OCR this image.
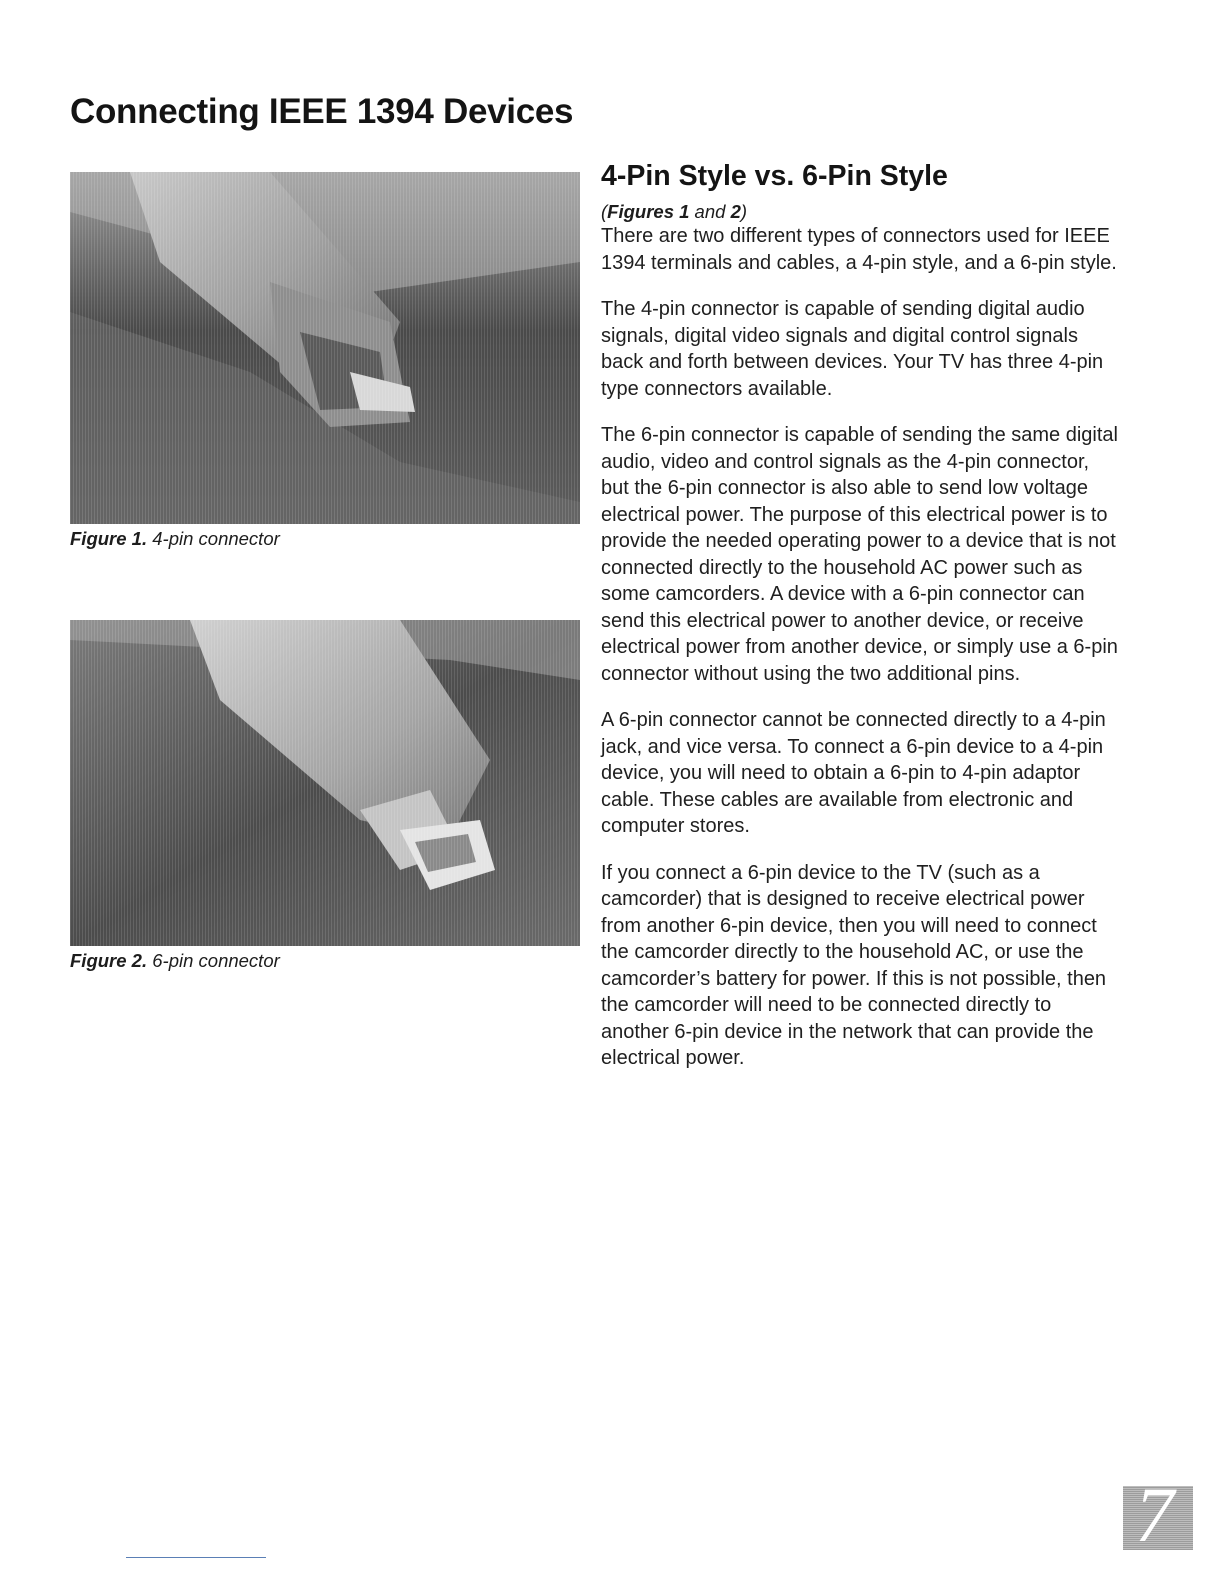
Connecting IEEE 1394 Devices
Figure 1. 4-pin connector
Figure 2. 6-pin connector
4-Pin Style vs. 6-Pin Style
(Figures 1 and 2)

There are two different types of connectors used for IEEE 1394 terminals and cables, a 4-pin style, and a 6-pin style.

The 4-pin connector is capable of sending digital audio signals, digital video signals and digital control signals back and forth between devices. Your TV has three 4-pin type connectors available.

The 6-pin connector is capable of sending the same digital audio, video and control signals as the 4-pin connector, but the 6-pin connector is also able to send low voltage electrical power. The purpose of this electrical power is to provide the needed operating power to a device that is not connected directly to the household AC power such as some camcorders. A device with a 6-pin connector can send this electrical power to another device, or receive electrical power from another device, or simply use a 6-pin connector without using the two additional pins.

A 6-pin connector cannot be connected directly to a 4-pin jack, and vice versa. To connect a 6-pin device to a 4-pin device, you will need to obtain a 6-pin to 4-pin adaptor cable. These cables are available from electronic and computer stores.

If you connect a 6-pin device to the TV (such as a camcorder) that is designed to receive electrical power from another 6-pin device, then you will need to connect the camcorder directly to the household AC, or use the camcorder’s battery for power. If this is not possible, then the camcorder will need to be connected directly to another 6-pin device in the network that can provide the electrical power.

7
